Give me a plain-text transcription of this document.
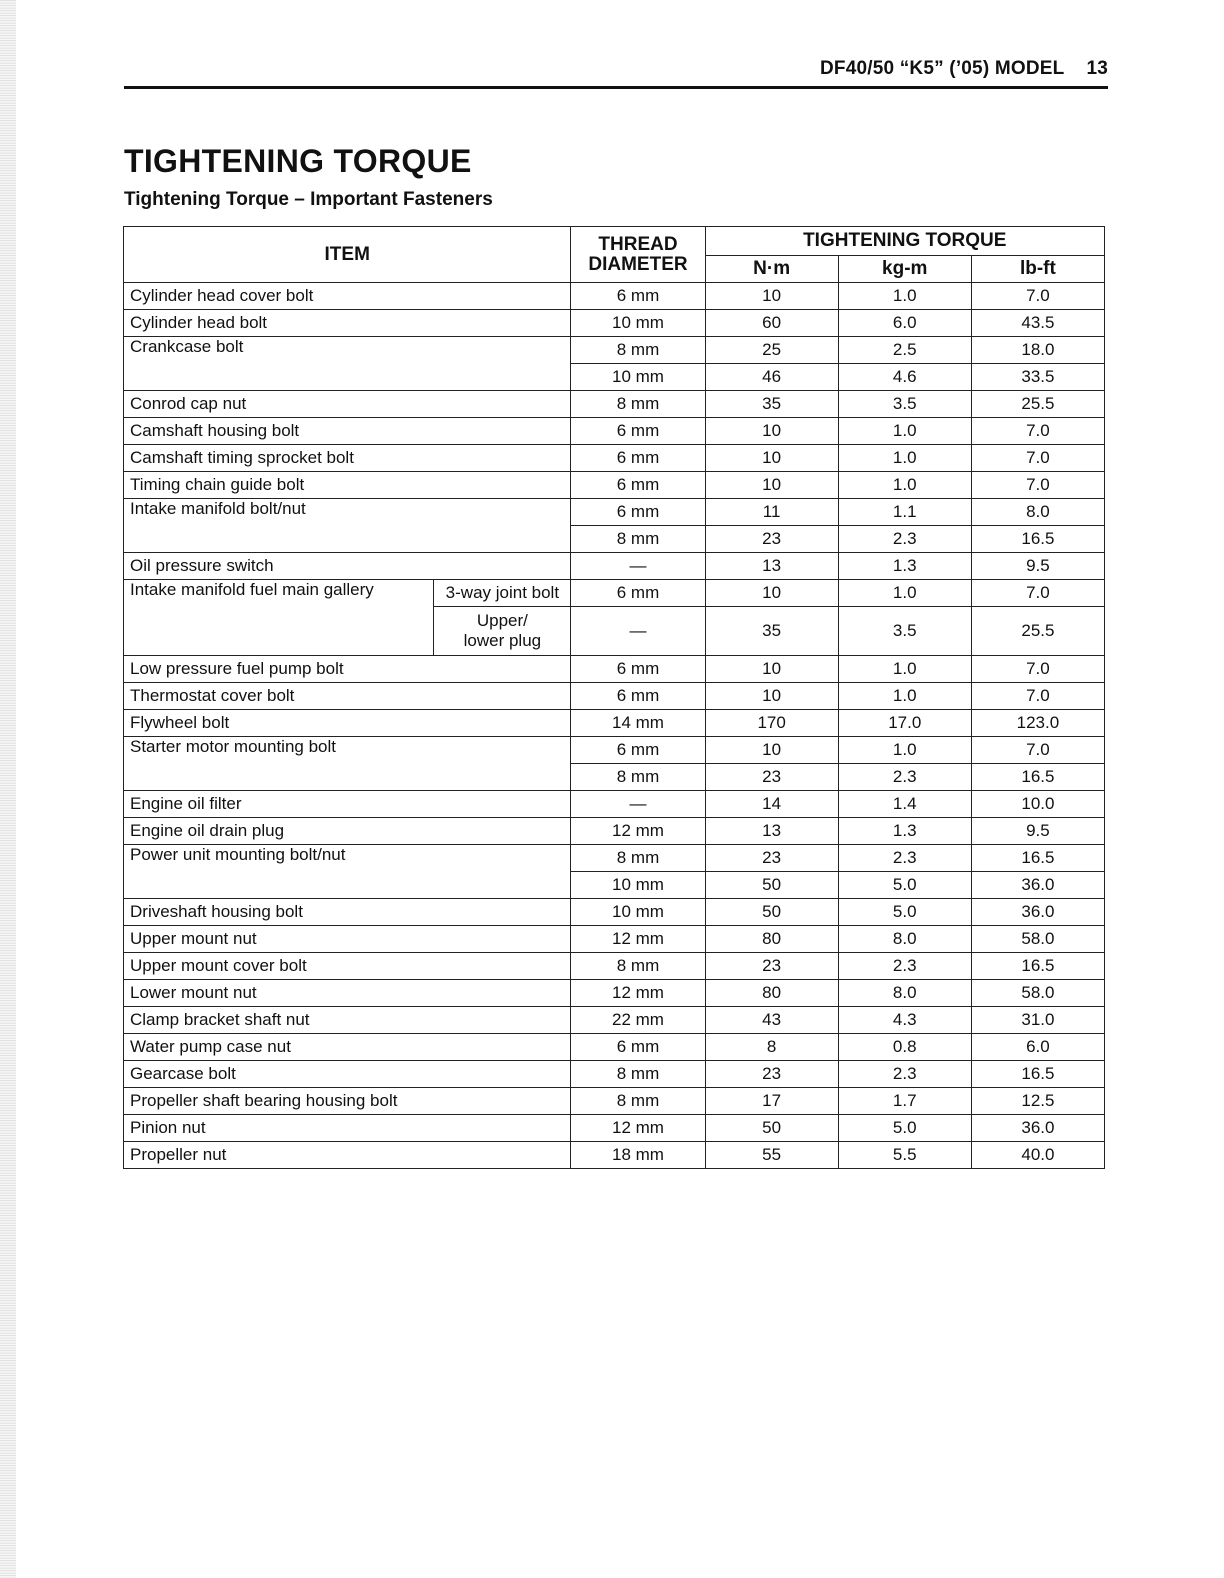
DF40/50 “K5” (’05) MODEL 13
TIGHTENING TORQUE
Tightening Torque – Important Fasteners
ITEM		THREAD
DIAMETER	TIGHTENING TORQUE		
			N·m	kg-m	lb-ft
Cylinder head cover bolt		6 mm	10	1.0	7.0
Cylinder head bolt		10 mm	60	6.0	43.5
Crankcase bolt		8 mm	25	2.5	18.0
		10 mm	46	4.6	33.5
Conrod cap nut		8 mm	35	3.5	25.5
Camshaft housing bolt		6 mm	10	1.0	7.0
Camshaft timing sprocket bolt		6 mm	10	1.0	7.0
Timing chain guide bolt		6 mm	10	1.0	7.0
Intake manifold bolt/nut		6 mm	11	1.1	8.0
		8 mm	23	2.3	16.5
Oil pressure switch		—	13	1.3	9.5
Intake manifold fuel main gallery	3-way joint bolt	6 mm	10	1.0	7.0
	Upper/
lower plug	—	35	3.5	25.5
Low pressure fuel pump bolt		6 mm	10	1.0	7.0
Thermostat cover bolt		6 mm	10	1.0	7.0
Flywheel bolt		14 mm	170	17.0	123.0
Starter motor mounting bolt		6 mm	10	1.0	7.0
		8 mm	23	2.3	16.5
Engine oil filter		—	14	1.4	10.0
Engine oil drain plug		12 mm	13	1.3	9.5
Power unit mounting bolt/nut		8 mm	23	2.3	16.5
		10 mm	50	5.0	36.0
Driveshaft housing bolt		10 mm	50	5.0	36.0
Upper mount nut		12 mm	80	8.0	58.0
Upper mount cover bolt		8 mm	23	2.3	16.5
Lower mount nut		12 mm	80	8.0	58.0
Clamp bracket shaft nut		22 mm	43	4.3	31.0
Water pump case nut		6 mm	8	0.8	6.0
Gearcase bolt		8 mm	23	2.3	16.5
Propeller shaft bearing housing bolt		8 mm	17	1.7	12.5
Pinion nut		12 mm	50	5.0	36.0
Propeller nut		18 mm	55	5.5	40.0
